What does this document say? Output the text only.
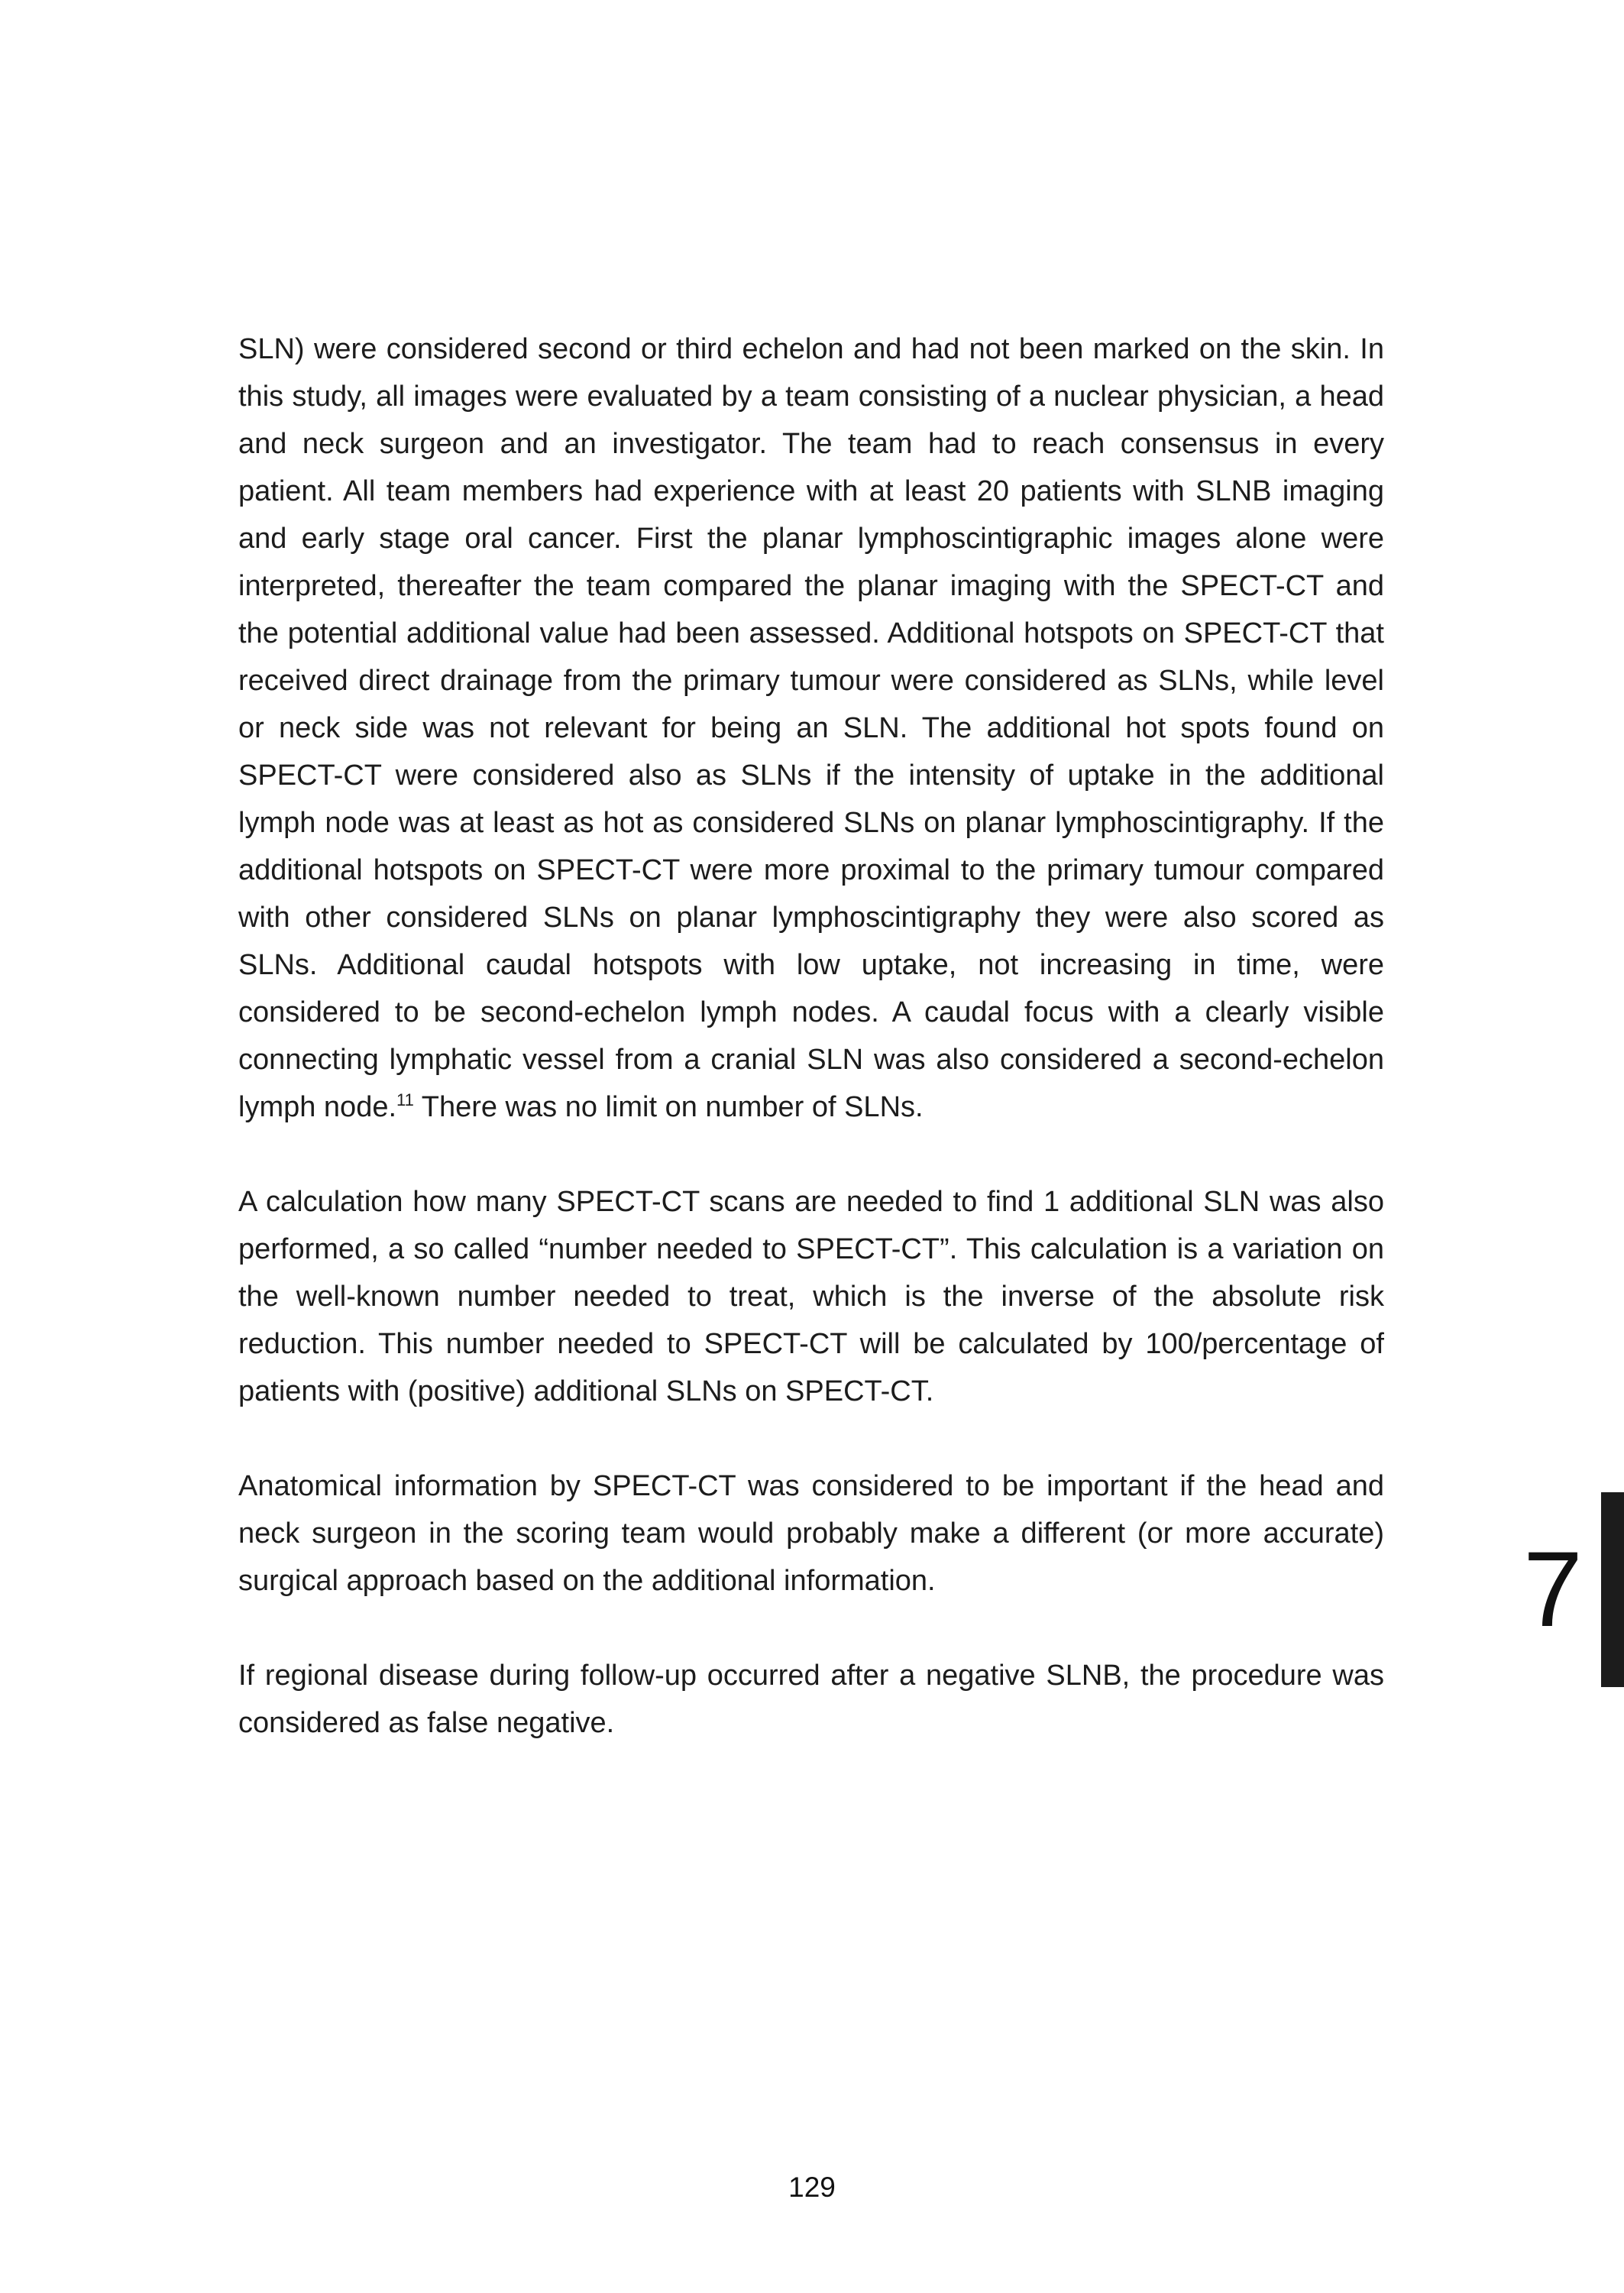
SLN) were considered second or third echelon and had not been marked on the skin. In this study, all images were evaluated by a team consisting of a nuclear physician, a head and neck surgeon and an investigator. The team had to reach consensus in every patient. All team members had experience with at least 20 patients with SLNB imaging and early stage oral cancer. First the planar lymphoscintigraphic images alone were interpreted, thereafter the team compared the planar imaging with the SPECT-CT and the potential additional value had been assessed. Additional hotspots on SPECT-CT that received direct drainage from the primary tumour were considered as SLNs, while level or neck side was not relevant for being an SLN. The additional hot spots found on SPECT-CT were considered also as SLNs if the intensity of uptake in the additional lymph node was at least as hot as considered SLNs on planar lymphoscintigraphy. If the additional hotspots on SPECT-CT were more proximal to the primary tumour compared with other considered SLNs on planar lymphoscintigraphy they were also scored as SLNs. Additional caudal hotspots with low uptake, not increasing in time, were considered to be second-echelon lymph nodes. A caudal focus with a clearly visible connecting lymphatic vessel from a cranial SLN was also considered a second-echelon lymph node.$^{11}$ There was no limit on number of SLNs.

A calculation how many SPECT-CT scans are needed to find 1 additional SLN was also performed, a so called “number needed to SPECT-CT”. This calculation is a variation on the well-known number needed to treat, which is the inverse of the absolute risk reduction. This number needed to SPECT-CT will be calculated by 100/percentage of patients with (positive) additional SLNs on SPECT-CT.

Anatomical information by SPECT-CT was considered to be important if the head and neck surgeon in the scoring team would probably make a different (or more accurate) surgical approach based on the additional information.

If regional disease during follow-up occurred after a negative SLNB, the procedure was considered as false negative.

7
129
